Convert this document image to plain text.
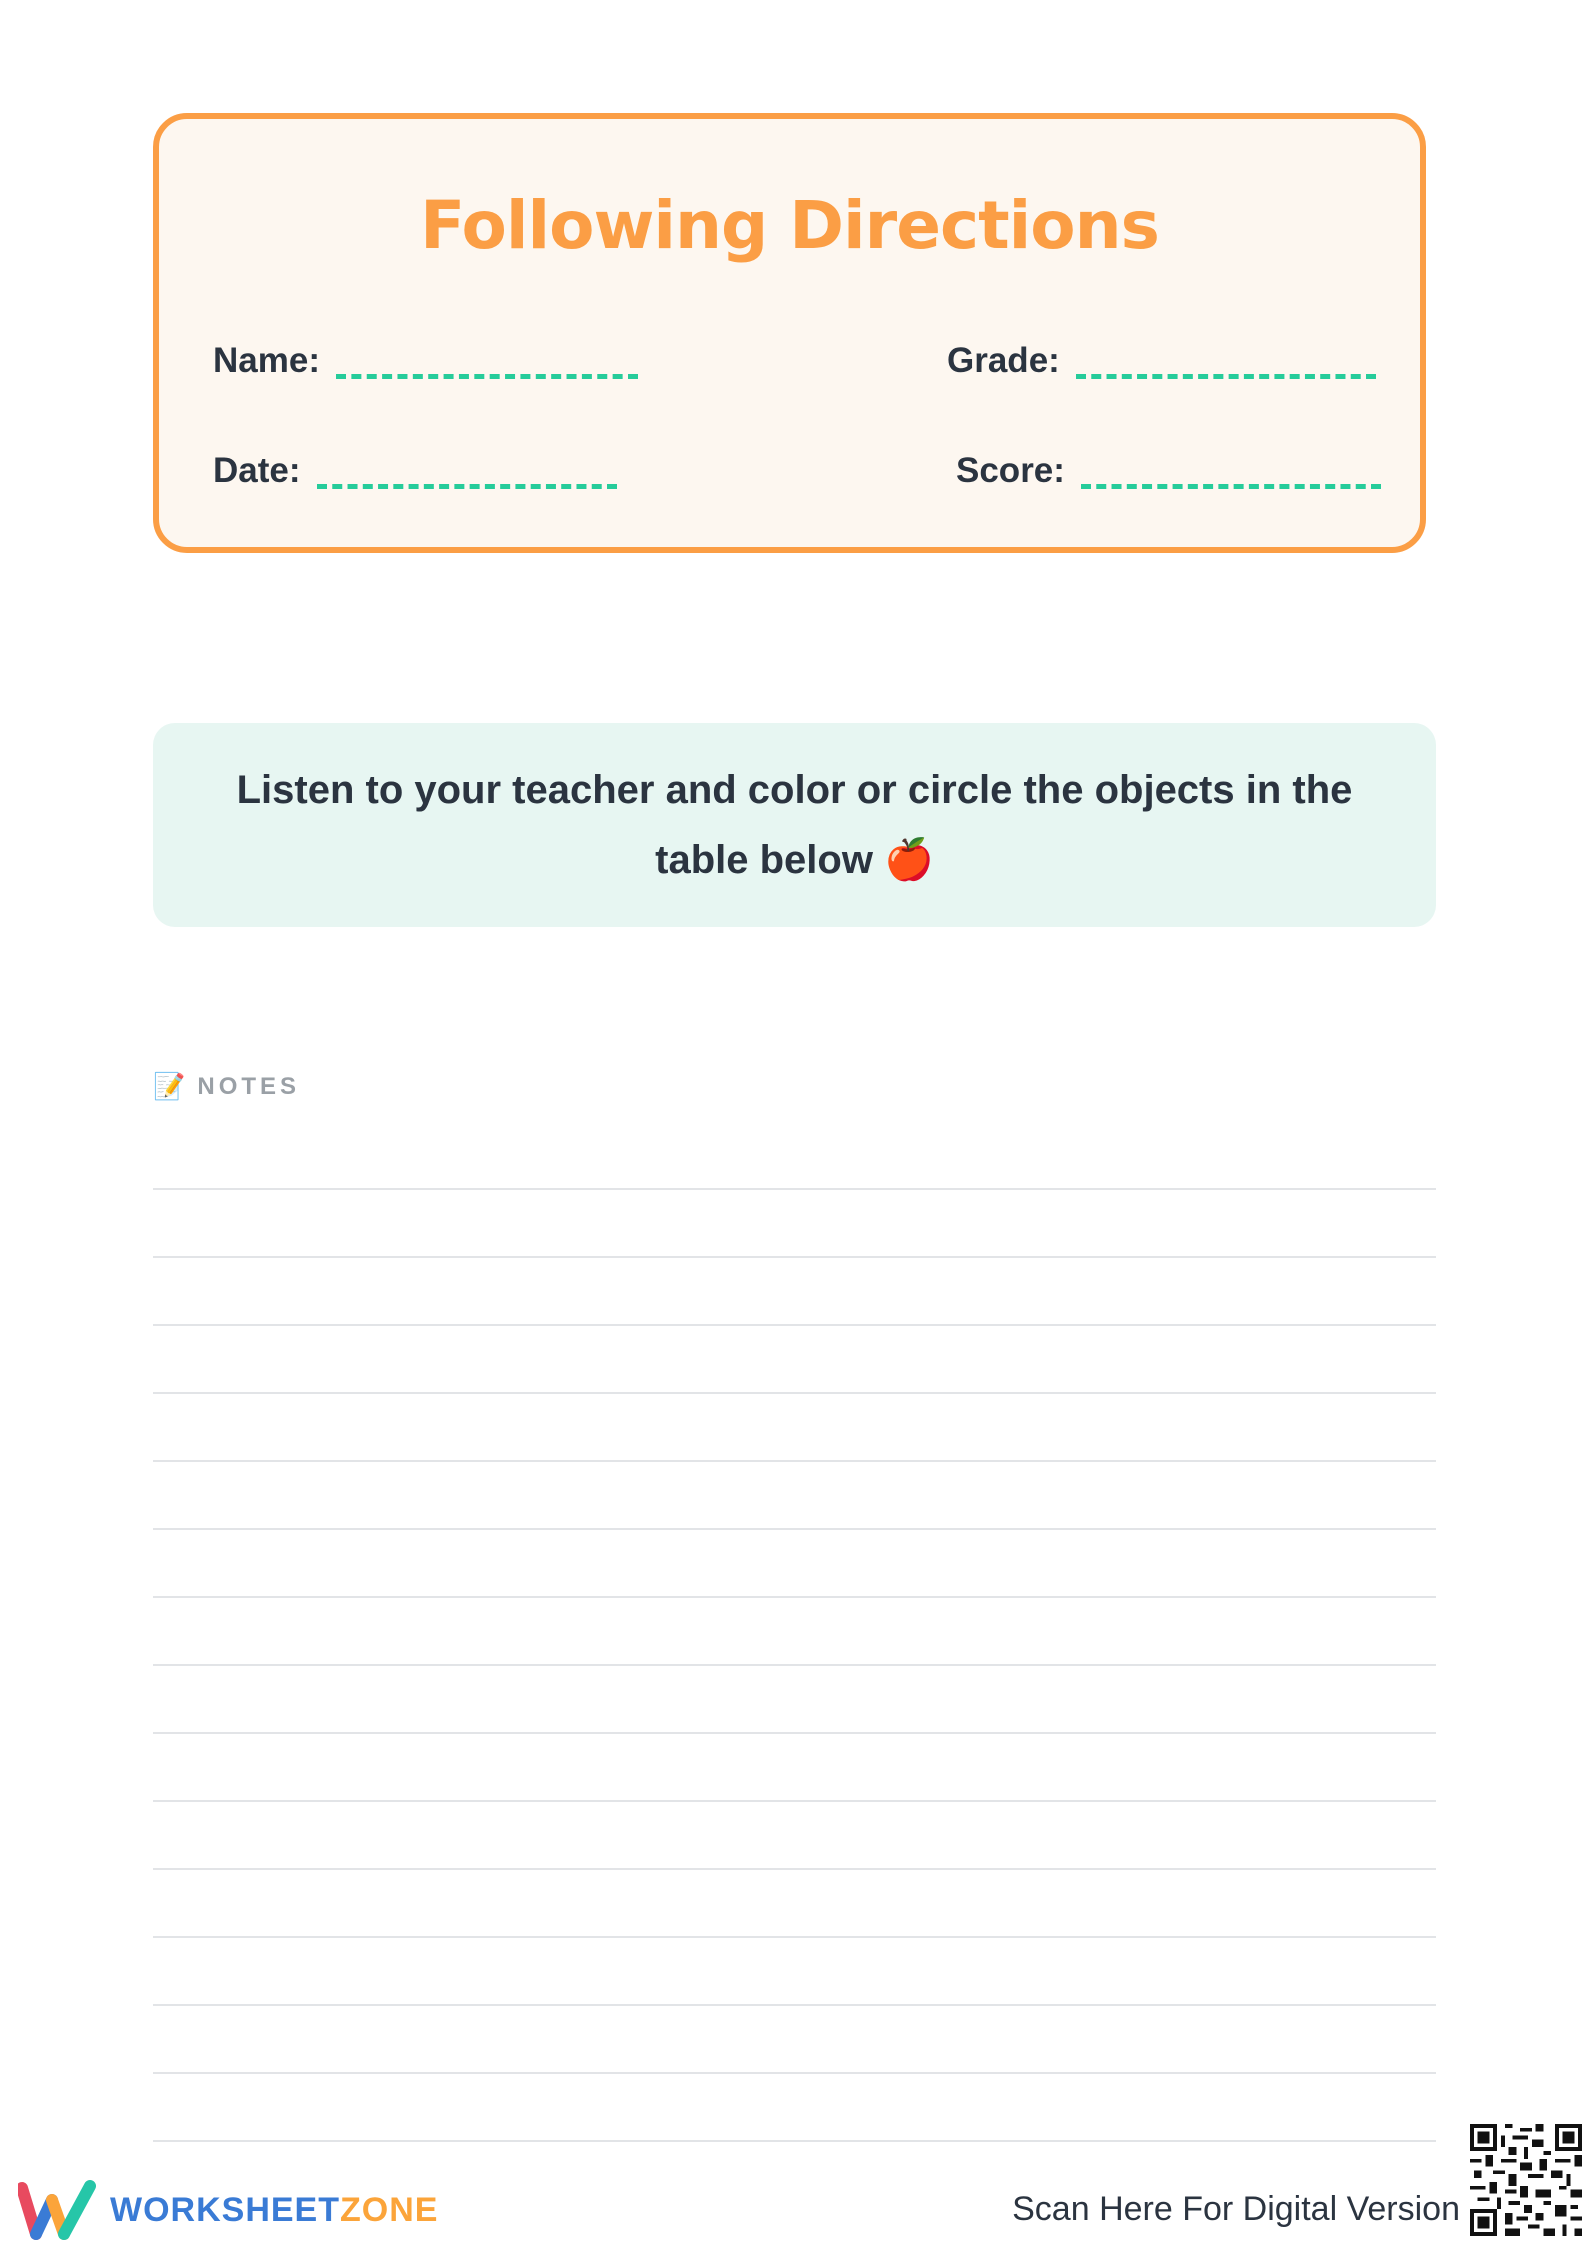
Following Directions
Name:	Grade:
Date:	Score:
Listen to your teacher and color or circle the objects in the table below 🍎
📝 NOTES
WORKSHEETZONE	Scan Here For Digital Version
